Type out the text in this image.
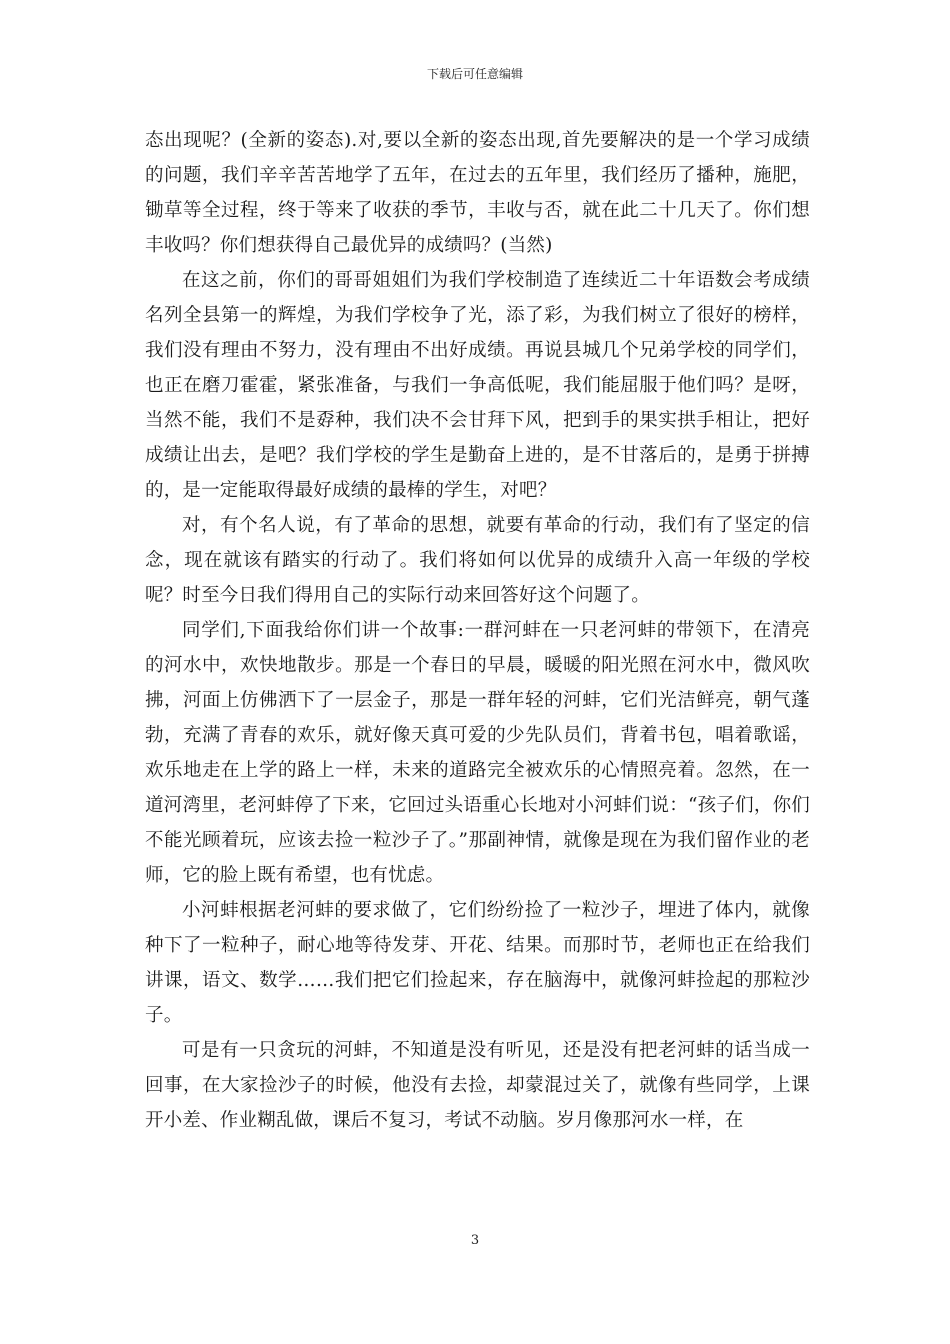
下载后可任意编辑

态出现呢？(全新的姿态).对,要以全新的姿态出现,首先要解决的是一个学习成绩的问题，我们辛辛苦苦地学了五年，在过去的五年里，我们经历了播种，施肥，锄草等全过程，终于等来了收获的季节，丰收与否，就在此二十几天了。你们想丰收吗？你们想获得自己最优异的成绩吗？(当然)

在这之前，你们的哥哥姐姐们为我们学校制造了连续近二十年语数会考成绩名列全县第一的辉煌，为我们学校争了光，添了彩，为我们树立了很好的榜样，我们没有理由不努力，没有理由不出好成绩。再说县城几个兄弟学校的同学们，也正在磨刀霍霍，紧张准备，与我们一争高低呢，我们能屈服于他们吗？是呀，当然不能，我们不是孬种，我们决不会甘拜下风，把到手的果实拱手相让，把好成绩让出去，是吧？我们学校的学生是勤奋上进的，是不甘落后的，是勇于拼搏的，是一定能取得最好成绩的最棒的学生，对吧？

对，有个名人说，有了革命的思想，就要有革命的行动，我们有了坚定的信念，现在就该有踏实的行动了。我们将如何以优异的成绩升入高一年级的学校呢？时至今日我们得用自己的实际行动来回答好这个问题了。

同学们,下面我给你们讲一个故事:一群河蚌在一只老河蚌的带领下，在清亮的河水中，欢快地散步。那是一个春日的早晨，暖暖的阳光照在河水中，微风吹拂，河面上仿佛洒下了一层金子，那是一群年轻的河蚌，它们光洁鲜亮，朝气蓬勃，充满了青春的欢乐，就好像天真可爱的少先队员们，背着书包，唱着歌谣，欢乐地走在上学的路上一样，未来的道路完全被欢乐的心情照亮着。忽然，在一道河湾里，老河蚌停了下来，它回过头语重心长地对小河蚌们说：“孩子们，你们不能光顾着玩，应该去捡一粒沙子了。”那副神情，就像是现在为我们留作业的老师，它的脸上既有希望，也有忧虑。

小河蚌根据老河蚌的要求做了，它们纷纷捡了一粒沙子，埋进了体内，就像种下了一粒种子，耐心地等待发芽、开花、结果。而那时节，老师也正在给我们讲课，语文、数学……我们把它们捡起来，存在脑海中，就像河蚌捡起的那粒沙子。

可是有一只贪玩的河蚌，不知道是没有听见，还是没有把老河蚌的话当成一回事，在大家捡沙子的时候，他没有去捡，却蒙混过关了，就像有些同学，上课开小差、作业糊乱做，课后不复习，考试不动脑。岁月像那河水一样，在

3
